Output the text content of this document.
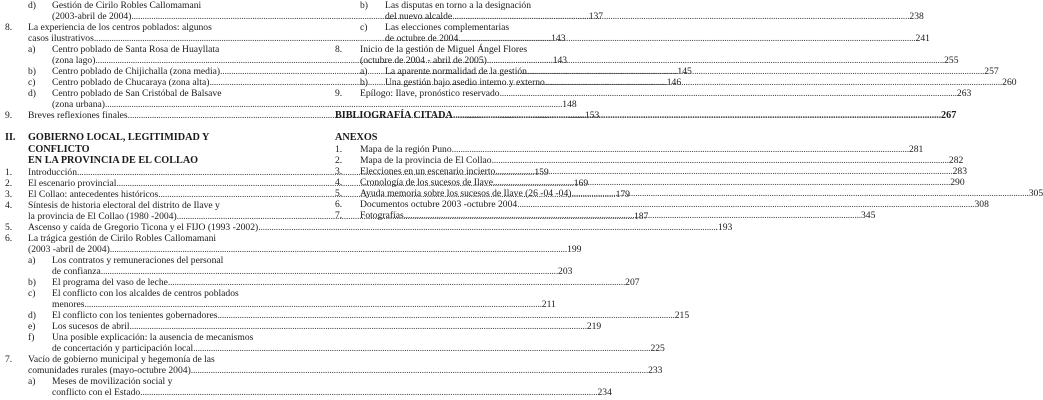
d) Gestión de Cirilo Robles Callomamani
(2003-abril de 2004)
.....	137
8. La experiencia de los centros poblados: algunos
casos ilustrativos
.....	143
a) Centro poblado de Santa Rosa de Huayllata
(zona lago)
.....	143
b) Centro poblado de Chijichalla (zona media)
.....	145
c) Centro poblado de Chucaraya (zona alta)
.....	146
d) Centro poblado de San Cristóbal de Balsave
(zona urbana)
.....	148
9. Breves reflexiones finales
.....	153
II. GOBIERNO LOCAL, LEGITIMIDAD Y CONFLICTO
EN LA PROVINCIA DE EL COLLAO
1. Introducción
.....	159
2. El escenario provincial
.....	169
3. El Collao: antecedentes históricos
.....	179
4. Síntesis de historia electoral del distrito de Ilave y
la provincia de El Collao (1980 -2004)
.....	187
5. Ascenso y caída de Gregorio Ticona y el FIJO (1993 -2002)
.....	.193
6. La trágica gestión de Cirilo Robles Callomamani
(2003 -abril de 2004)
.....	199
a) Los contratos y remuneraciones del personal
de confianza
.....	203
b) El programa del vaso de leche
.....	207
c) El conflicto con los alcaldes de centros poblados
menores
.....	211
d) El conflicto con los tenientes gobernadores
.....	215
e) Los sucesos de abril
.....	219
f) Una posible explicación: la ausencia de mecanismos
de concertación y participación local
.....	225
7. Vacío de gobierno municipal y hegemonía de las
comunidades rurales (mayo-octubre 2004)
.....	233
a) Meses de movilización social y
conflicto con el Estado
.....	234
b) Las disputas en torno a la designación
del nuevo alcalde
.....	238
c) Las elecciones complementarias
de octubre de 2004
.....	241
8. Inicio de la gestión de Miguel Ángel Flores
(octubre de 2004 - abril de 2005)
.....	255
a) La aparente normalidad de la gestión
.....	257
b) Una gestión bajo asedio interno y externo
.....	260
9. Epílogo: Ilave, pronóstico reservado
.....	263
BIBLIOGRAFÍA CITADA
.....	267
ANEXOS
1. Mapa de la región Puno
.....	281
2. Mapa de la provincia de El Collao
.....	282
3. Elecciones en un escenario incierto
.....	283
4. Cronología de los sucesos de Ilave
.....	290
5. Ayuda memoria sobre los sucesos de Ilave (26 -04 -04)
.....	305
6. Documentos octubre 2003 -octubre 2004
.....	308
7. Fotografías
.....	345
